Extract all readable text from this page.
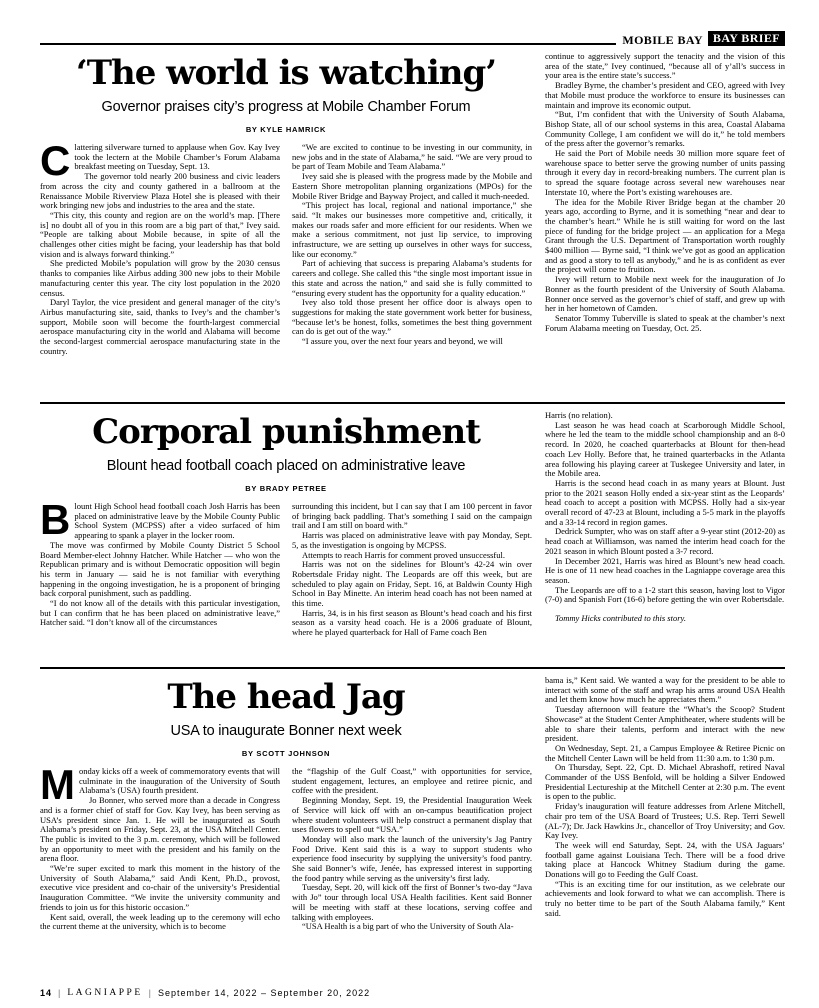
MOBILE BAY BAY BRIEF
‘The world is watching’
Governor praises city’s progress at Mobile Chamber Forum
BY KYLE HAMRICK

Clattering silverware turned to applause when Gov. Kay Ivey took the lectern at the Mobile Chamber’s Forum Alabama breakfast meeting on Tuesday, Sept. 13.

The governor told nearly 200 business and civic leaders from across the city and county gathered in a ballroom at the Renaissance Mobile Riverview Plaza Hotel she is pleased with their work bringing new jobs and industries to the area and the state.

“This city, this county and region are on the world’s map. [There is] no doubt all of you in this room are a big part of that,” Ivey said. “People are talking about Mobile because, in spite of all the challenges other cities might be facing, your leadership has that bold vision and is always forward thinking.”

She predicted Mobile’s population will grow by the 2030 census thanks to companies like Airbus adding 300 new jobs to their Mobile manufacturing center this year. The city lost population in the 2020 census.

Daryl Taylor, the vice president and general manager of the city’s Airbus manufacturing site, said, thanks to Ivey’s and the chamber’s support, Mobile soon will become the fourth-largest commercial aerospace manufacturing city in the world and Alabama will become the second-largest commercial aerospace manufacturing state in the country.

“We are excited to continue to be investing in our community, in new jobs and in the state of Alabama,” he said. “We are very proud to be part of Team Mobile and Team Alabama.”

Ivey said she is pleased with the progress made by the Mobile and Eastern Shore metropolitan planning organizations (MPOs) for the Mobile River Bridge and Bayway Project, and called it much-needed.

“This project has local, regional and national importance,” she said. “It makes our businesses more competitive and, critically, it makes our roads safer and more efficient for our residents. When we make a serious commitment, not just lip service, to improving infrastructure, we are setting up ourselves in other ways for success, like our economy.”

Part of achieving that success is preparing Alabama’s students for careers and college. She called this “the single most important issue in this state and across the nation,” and said she is fully committed to “ensuring every student has the opportunity for a quality education.”

Ivey also told those present her office door is always open to suggestions for making the state government work better for business, “because let’s be honest, folks, sometimes the best thing government can do is get out of the way.”

“I assure you, over the next four years and beyond, we will

continue to aggressively support the tenacity and the vision of this area of the state,” Ivey continued, “because all of y’all’s success in your area is the entire state’s success.”

Bradley Byrne, the chamber’s president and CEO, agreed with Ivey that Mobile must produce the workforce to ensure its businesses can maintain and improve its economic output.

“But, I’m confident that with the University of South Alabama, Bishop State, all of our school systems in this area, Coastal Alabama Community College, I am confident we will do it,” he told members of the press after the governor’s remarks.

He said the Port of Mobile needs 30 million more square feet of warehouse space to better serve the growing number of units passing through it every day in record-breaking numbers. The current plan is to spread the square footage across several new warehouses near Interstate 10, where the Port’s existing warehouses are.

The idea for the Mobile River Bridge began at the chamber 20 years ago, according to Byrne, and it is something “near and dear to the chamber’s heart.” While he is still waiting for word on the last piece of funding for the bridge project — an application for a Mega Grant through the U.S. Department of Transportation worth roughly $400 million — Byrne said, “I think we’ve got as good an application and as good a story to tell as anybody,” and he is as confident as ever the project will come to fruition.

Ivey will return to Mobile next week for the inauguration of Jo Bonner as the fourth president of the University of South Alabama. Bonner once served as the governor’s chief of staff, and grew up with her in her hometown of Camden.

Senator Tommy Tuberville is slated to speak at the chamber’s next Forum Alabama meeting on Tuesday, Oct. 25.

Corporal punishment
Blount head football coach placed on administrative leave
BY BRADY PETREE

Blount High School head football coach Josh Harris has been placed on administrative leave by the Mobile County Public School System (MCPSS) after a video surfaced of him appearing to spank a player in the locker room.

The move was confirmed by Mobile County District 5 School Board Member-elect Johnny Hatcher. While Hatcher — who won the Republican primary and is without Democratic opposition will begin his term in January — said he is not familiar with everything happening in the ongoing investigation, he is a proponent of bringing back corporal punishment, such as paddling.

“I do not know all of the details with this particular investigation, but I can confirm that he has been placed on administrative leave,” Hatcher said. “I don’t know all of the circumstances

surrounding this incident, but I can say that I am 100 percent in favor of bringing back paddling. That’s something I said on the campaign trail and I am still on board with.”

Harris was placed on administrative leave with pay Monday, Sept. 5, as the investigation is ongoing by MCPSS.

Attempts to reach Harris for comment proved unsuccessful.

Harris was not on the sidelines for Blount’s 42-24 win over Robertsdale Friday night. The Leopards are off this week, but are scheduled to play again on Friday, Sept. 16, at Baldwin County High School in Bay Minette. An interim head coach has not been named at this time.

Harris, 34, is in his first season as Blount’s head coach and his first season as a varsity head coach. He is a 2006 graduate of Blount, where he played quarterback for Hall of Fame coach Ben

Harris (no relation).

Last season he was head coach at Scarborough Middle School, where he led the team to the middle school championship and an 8-0 record. In 2020, he coached quarterbacks at Blount for then-head coach Lev Holly. Before that, he trained quarterbacks in the Atlanta area following his playing career at Tuskegee University and later, in the Mobile area.

Harris is the second head coach in as many years at Blount. Just prior to the 2021 season Holly ended a six-year stint as the Leopards’ head coach to accept a position with MCPSS. Holly had a six-year overall record of 47-23 at Blount, including a 5-5 mark in the playoffs and a 33-14 record in region games.

Dedrick Sumpter, who was on staff after a 9-year stint (2012-20) as head coach at Williamson, was named the interim head coach for the 2021 season in which Blount posted a 3-7 record.

In December 2021, Harris was hired as Blount’s new head coach. He is one of 11 new head coaches in the Lagniappe coverage area this season.

The Leopards are off to a 1-2 start this season, having lost to Vigor (7-0) and Spanish Fort (16-6) before getting the win over Robertsdale.

Tommy Hicks contributed to this story.

The head Jag
USA to inaugurate Bonner next week
BY SCOTT JOHNSON

Monday kicks off a week of commemoratory events that will culminate in the inauguration of the University of South Alabama’s (USA) fourth president.

Jo Bonner, who served more than a decade in Congress and is a former chief of staff for Gov. Kay Ivey, has been serving as USA’s president since Jan. 1. He will be inaugurated as South Alabama’s president on Friday, Sept. 23, at the USA Mitchell Center. The public is invited to the 3 p.m. ceremony, which will be followed by an opportunity to meet with the president and his family on the arena floor.

“We’re super excited to mark this moment in the history of the University of South Alabama,” said Andi Kent, Ph.D., provost, executive vice president and co-chair of the university’s Presidential Inauguration Committee. “We invite the university community and friends to join us for this historic occasion.”

Kent said, overall, the week leading up to the ceremony will echo the current theme at the university, which is to become

the “flagship of the Gulf Coast,” with opportunities for service, student engagement, lectures, an employee and retiree picnic, and coffee with the president.

Beginning Monday, Sept. 19, the Presidential Inauguration Week of Service will kick off with an on-campus beautification project where student volunteers will help construct a permanent display that uses flowers to spell out “USA.”

Monday will also mark the launch of the university’s Jag Pantry Food Drive. Kent said this is a way to support students who experience food insecurity by supplying the university’s food pantry. She said Bonner’s wife, Jenée, has expressed interest in supporting the food pantry while serving as the university’s first lady.

Tuesday, Sept. 20, will kick off the first of Bonner’s two-day “Java with Jo” tour through local USA Health facilities. Kent said Bonner will be meeting with staff at these locations, serving coffee and talking with employees.

“USA Health is a big part of who the University of South Ala-

bama is,” Kent said. We wanted a way for the president to be able to interact with some of the staff and wrap his arms around USA Health and let them know how much he appreciates them.”

Tuesday afternoon will feature the “What’s the Scoop? Student Showcase” at the Student Center Amphitheater, where students will be able to share their talents, perform and interact with the new president.

On Wednesday, Sept. 21, a Campus Employee & Retiree Picnic on the Mitchell Center Lawn will be held from 11:30 a.m. to 1:30 p.m.

On Thursday, Sept. 22, Cpt. D. Michael Abrashoff, retired Naval Commander of the USS Benfold, will be holding a Silver Endowed Presidential Lectureship at the Mitchell Center at 2:30 p.m. The event is open to the public.

Friday’s inauguration will feature addresses from Arlene Mitchell, chair pro tem of the USA Board of Trustees; U.S. Rep. Terri Sewell (AL-7); Dr. Jack Hawkins Jr., chancellor of Troy University; and Gov. Kay Ivey.

The week will end Saturday, Sept. 24, with the USA Jaguars’ football game against Louisiana Tech. There will be a food drive taking place at Hancock Whitney Stadium during the game. Donations will go to Feeding the Gulf Coast.

“This is an exciting time for our institution, as we celebrate our achievements and look forward to what we can accomplish. There is truly no better time to be part of the South Alabama family,” Kent said.

14 | LAGNIAPPE | September 14, 2022 – September 20, 2022
